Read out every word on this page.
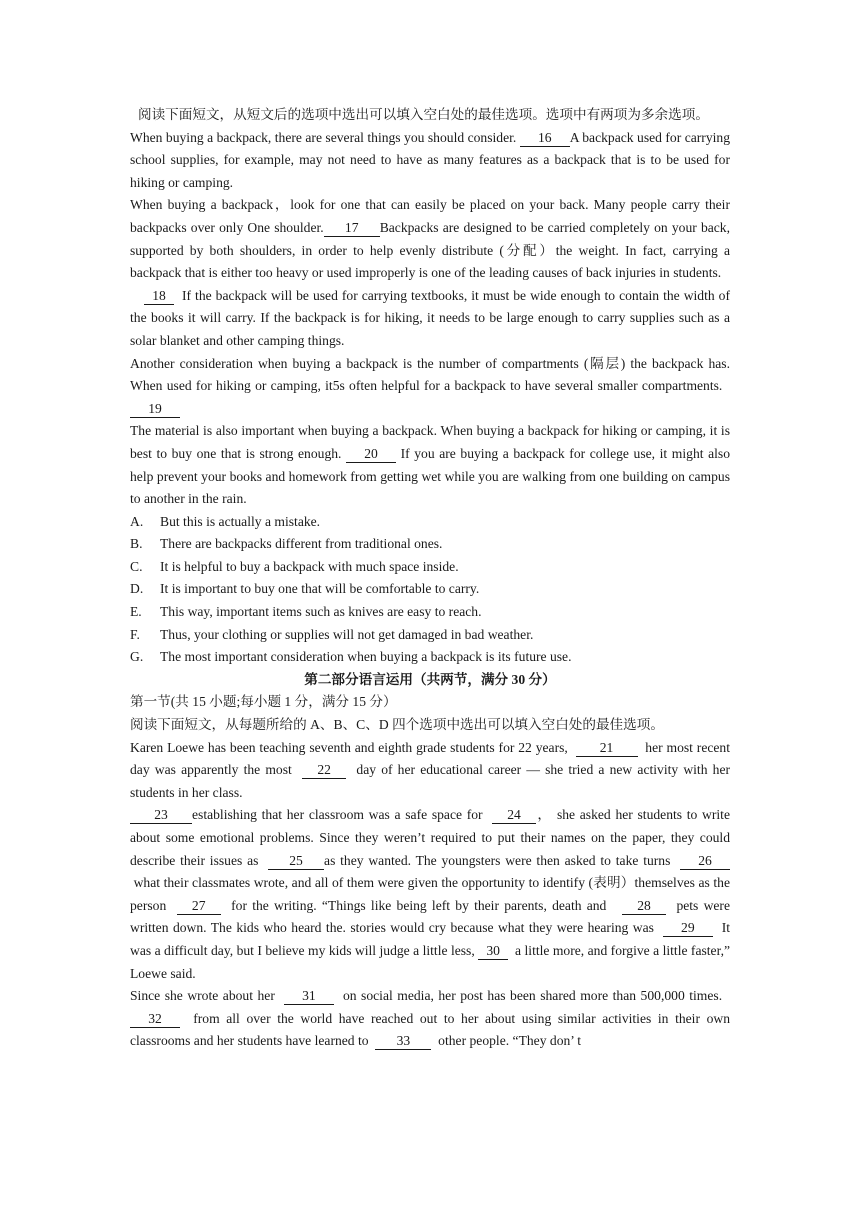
阅读下面短文，从短文后的选项中选出可以填入空白处的最佳选项。选项中有两项为多余选项。

When buying a backpack, there are several things you should consider. 16 A backpack used for carrying school supplies, for example, may not need to have as many features as a backpack that is to be used for hiking or camping.

When buying a backpack，look for one that can easily be placed on your back. Many people carry their backpacks over only One shoulder. 17 Backpacks are designed to be carried completely on your back, supported by both shoulders, in order to help evenly distribute (分配）the weight. In fact, carrying a backpack that is either too heavy or used improperly is one of the leading causes of back injuries in students.

18 If the backpack will be used for carrying textbooks, it must be wide enough to contain the width of the books it will carry. If the backpack is for hiking, it needs to be large enough to carry supplies such as a solar blanket and other camping things.

Another consideration when buying a backpack is the number of compartments (隔层) the backpack has. When used for hiking or camping, it5s often helpful for a backpack to have several smaller compartments.  19

The material is also important when buying a backpack. When buying a backpack for hiking or camping, it is best to buy one that is strong enough. 20 If you are buying a backpack for college use, it might also help prevent your books and homework from getting wet while you are walking from one building on campus to another in the rain.

A.	But this is actually a mistake.
B.	There are backpacks different from traditional ones.
C.	It is helpful to buy a backpack with much space inside.
D.	It is important to buy one that will be comfortable to carry.
E.	This way, important items such as knives are easy to reach.
F.	Thus, your clothing or supplies will not get damaged in bad weather.
G.	The most important consideration when buying a backpack is its future use.

第二部分语言运用（共两节，满分 30 分）

第一节(共 15 小题;每小题 1 分，满分 15 分）

阅读下面短文，从每题所给的 A、B、C、D 四个选项中选出可以填入空白处的最佳选项。

Karen Loewe has been teaching seventh and eighth grade students for 22 years, 21 her most recent day was apparently the most 22 day of her educational career — she tried a new activity with her students in her class.

23 establishing that her classroom was a safe space for 24 ， she asked her students to write about some emotional problems. Since they weren’t required to put their names on the paper, they could describe their issues as 25 as they wanted. The youngsters were then asked to take turns 26  what their classmates wrote, and all of them were given the opportunity to identify (表明）themselves as the person 27 for the writing. “Things like being left by their parents, death and 28 pets were written down. The kids who heard the. stories would cry because what they were hearing was 29 It was a difficult day, but I believe my kids will judge a little less, 30 a little more, and forgive a little faster,” Loewe said.

Since she wrote about her 31 on social media, her post has been shared more than 500,000 times.  32 from all over the world have reached out to her about using similar activities in their own classrooms and her students have learned to 33 other people. “They don’ t
